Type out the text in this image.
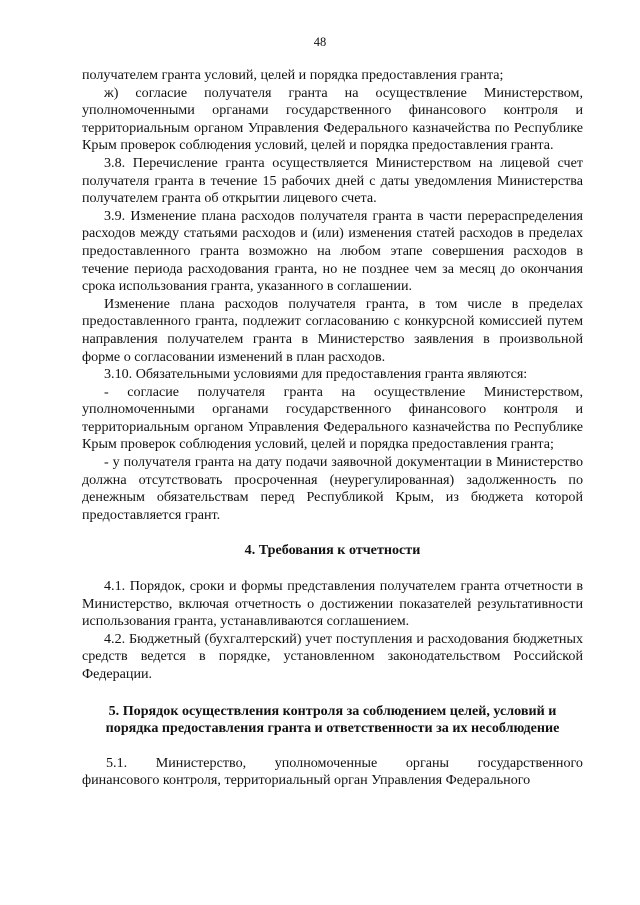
48

получателем гранта условий, целей и порядка предоставления гранта;

ж) согласие получателя гранта на осуществление Министерством, уполномоченными органами государственного финансового контроля и территориальным органом Управления Федерального казначейства по Республике Крым проверок соблюдения условий, целей и порядка предоставления гранта.

3.8. Перечисление гранта осуществляется Министерством на лицевой счет получателя гранта в течение 15 рабочих дней с даты уведомления Министерства получателем гранта об открытии лицевого счета.

3.9. Изменение плана расходов получателя гранта в части перераспределения расходов между статьями расходов и (или) изменения статей расходов в пределах предоставленного гранта возможно на любом этапе совершения расходов в течение периода расходования гранта, но не позднее чем за месяц до окончания срока использования гранта, указанного в соглашении.

Изменение плана расходов получателя гранта, в том числе в пределах предоставленного гранта, подлежит согласованию с конкурсной комиссией путем направления получателем гранта в Министерство заявления в произвольной форме о согласовании изменений в план расходов.

3.10. Обязательными условиями для предоставления гранта являются:

- согласие получателя гранта на осуществление Министерством, уполномоченными органами государственного финансового контроля и территориальным органом Управления Федерального казначейства по Республике Крым проверок соблюдения условий, целей и порядка предоставления гранта;

- у получателя гранта на дату подачи заявочной документации в Министерство должна отсутствовать просроченная (неурегулированная) задолженность по денежным обязательствам перед Республикой Крым, из бюджета которой предоставляется грант.

4. Требования к отчетности

4.1. Порядок, сроки и формы представления получателем гранта отчетности в Министерство, включая отчетность о достижении показателей результативности использования гранта, устанавливаются соглашением.

4.2. Бюджетный (бухгалтерский) учет поступления и расходования бюджетных средств ведется в порядке, установленном законодательством Российской Федерации.

5. Порядок осуществления контроля за соблюдением целей, условий и

порядка предоставления гранта и ответственности за их несоблюдение

5.1. Министерство, уполномоченные органы государственного

финансового контроля, территориальный орган Управления Федерального
